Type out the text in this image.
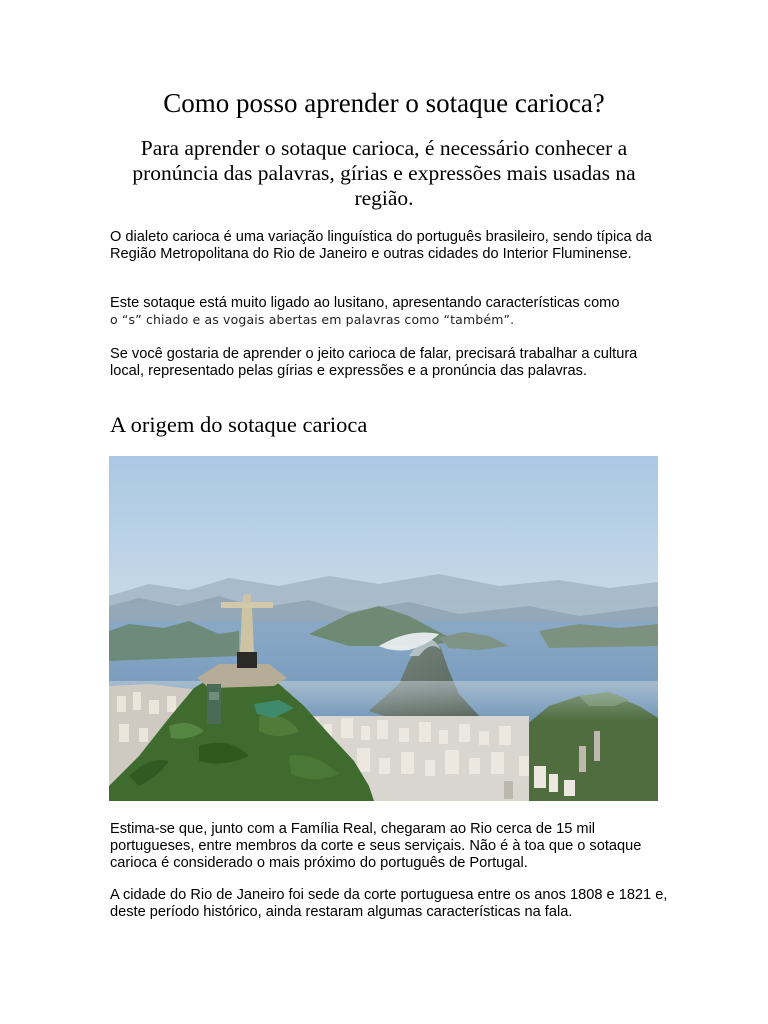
Como posso aprender o sotaque carioca?
Para aprender o sotaque carioca, é necessário conhecer a pronúncia das palavras, gírias e expressões mais usadas na região.

O dialeto carioca é uma variação linguística do português brasileiro, sendo típica da Região Metropolitana do Rio de Janeiro e outras cidades do Interior Fluminense.

Este sotaque está muito ligado ao lusitano, apresentando características como
o “s” chiado e as vogais abertas em palavras como “também”.

Se você gostaria de aprender o jeito carioca de falar, precisará trabalhar a cultura local, representado pelas gírias e expressões e a pronúncia das palavras.

A origem do sotaque carioca

Estima-se que, junto com a Família Real, chegaram ao Rio cerca de 15 mil portugueses, entre membros da corte e seus serviçais. Não é à toa que o sotaque carioca é considerado o mais próximo do português de Portugal.

A cidade do Rio de Janeiro foi sede da corte portuguesa entre os anos 1808 e 1821 e, deste período histórico, ainda restaram algumas características na fala.
